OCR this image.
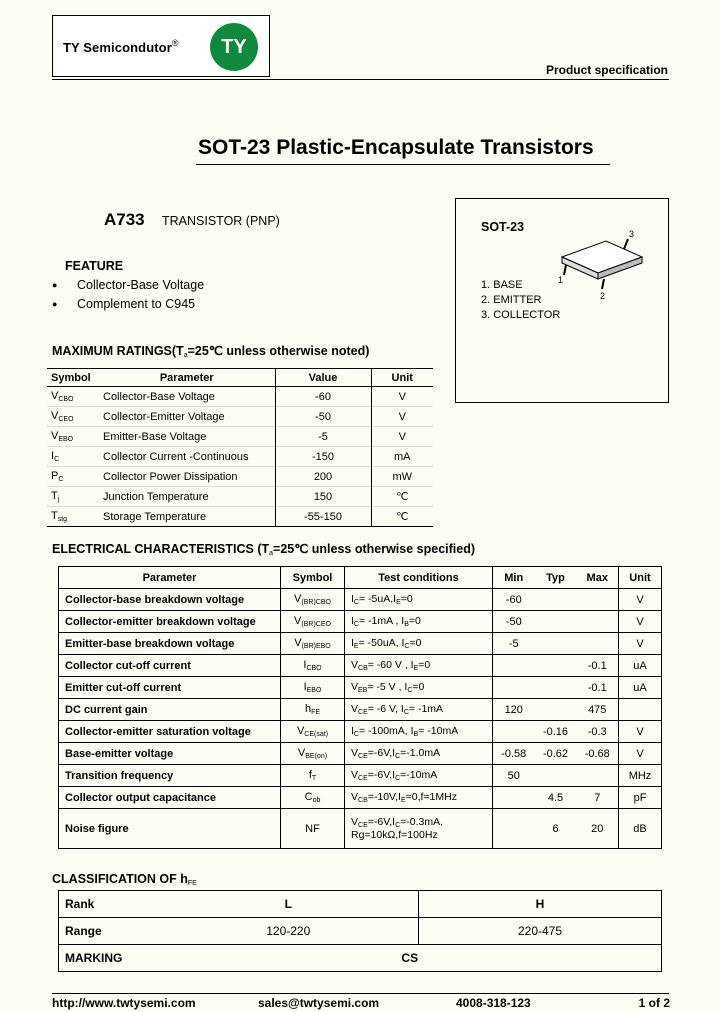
TY Semicondutor®	TY
Product specification
SOT-23 Plastic-Encapsulate Transistors
A733 TRANSISTOR (PNP)
FEATURE
● Collector-Base Voltage
● Complement to C945
SOT-23	3
1
2
1. BASE
2. EMITTER
3. COLLECTOR
MAXIMUM $RATINGS(T_a=25℃$ unless otherwise noted)
Symbol	Parameter	Value	Unit
$V_{CBO}$	Collector-Base Voltage	-60	V
$V_{CEO}$	Collector-Emitter Voltage	-50	V
$V_{EBO}$	Emitter-Base Voltage	-5	V
$I_C$	Collector Current -Continuous	-150	mA
$P_C$	Collector Power Dissipation	200	mW
$T_j$	Junction Temperature	150	℃
$T_{stg}$	Storage Temperature	-55-150	℃
ELECTRICAL CHARACTERISTICS ($T_a=25℃$ unless otherwise specified)
Parameter	Symbol	Test conditions	Min	Typ	Max	Unit
Collector-base breakdown voltage	$V_{(BR)CBO}$	$I_C= -5uA,I_E=0$	-60			V
Collector-emitter breakdown voltage	$V_{(BR)CEO}$	$I_C= -1mA$ , $I_B=0$	-50			V
Emitter-base breakdown voltage	$V_{(BR)EBO}$	$I_E= -50uA$, $I_C=0$	-5			V
Collector cut-off current	$I_{CBO}$	$V_{CB}= -60$ V , $I_E=0$			-0.1	uA
Emitter cut-off current	$I_{EBO}$	$V_{EB}= -5$ V , $I_C=0$			-0.1	uA
DC current gain	$h_{FE}$	$V_{CE}= -6$ V, $I_C= -1mA$	120		475	
Collector-emitter saturation voltage	$V_{CE(sat)}$	$I_C= -100mA$, $I_B= -10mA$		-0.16	-0.3	V
Base-emitter voltage	$V_{BE(on)}$	$V_{CE}=-6V,I_C=-1.0mA$	-0.58	-0.62	-0.68	V
Transition frequency	$f_T$	$V_{CE}=-6V,I_C=-10mA$	50			MHz
Collector output capacitance	$C_{ob}$	$V_{CB}=-10V,I_E=0,f=1MHz$		4.5	7	pF
Noise figure	NF	$V_{CE}=-6V,I_C=-0.3mA$,
Rg=10kΩ,f=100Hz		6	20	dB
CLASSIFICATION OF $h_{FE}$
Rank	L	H
Range	120-220	220-475
MARKING	CS	
http://www.twtysemi.com	sales@twtysemi.com	4008-318-123	1 of 2
